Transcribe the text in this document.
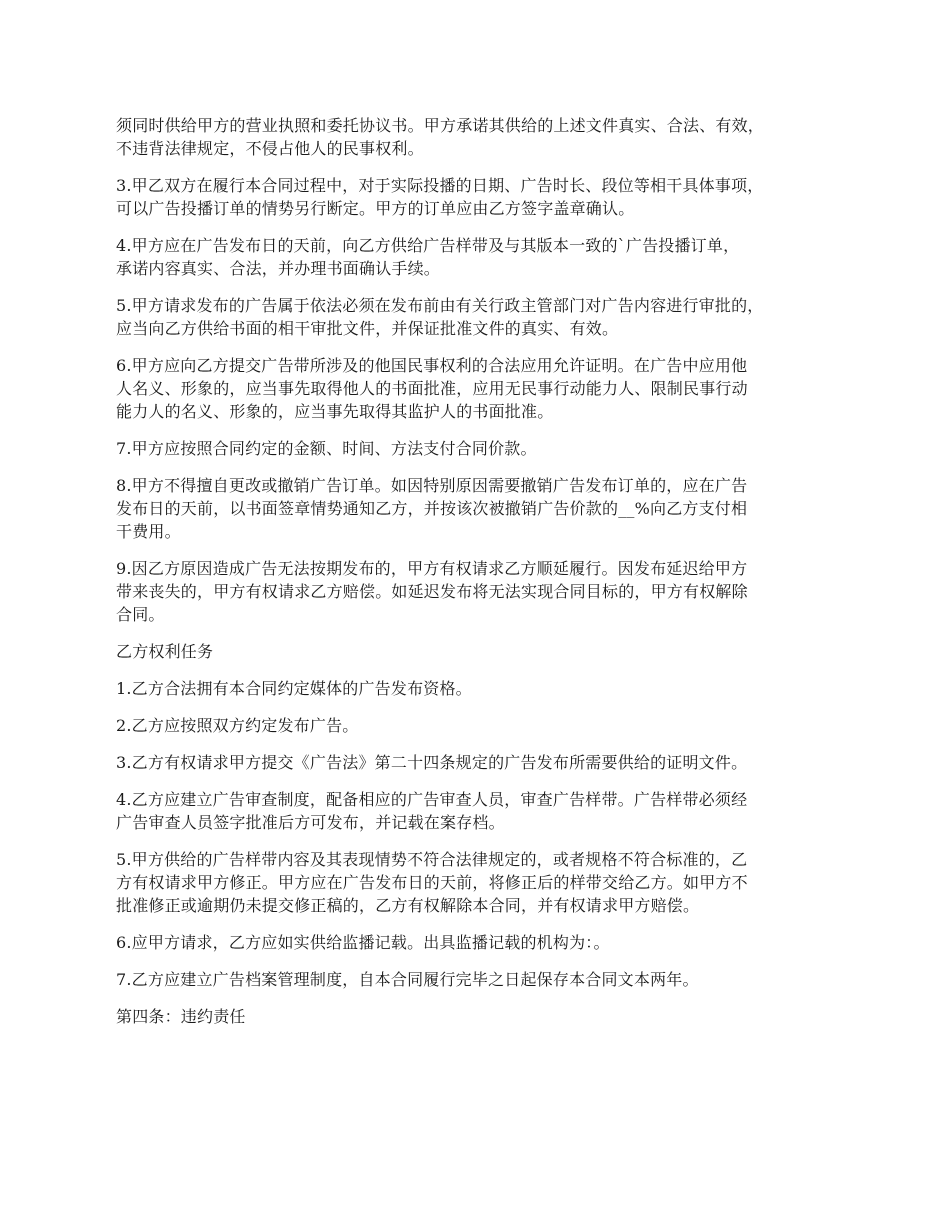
须同时供给甲方的营业执照和委托协议书。甲方承诺其供给的上述文件真实、合法、有效，
不违背法律规定，不侵占他人的民事权利。

3.甲乙双方在履行本合同过程中，对于实际投播的日期、广告时长、段位等相干具体事项，
可以广告投播订单的情势另行断定。甲方的订单应由乙方签字盖章确认。

4.甲方应在广告发布日的天前，向乙方供给广告样带及与其版本一致的`广告投播订单，
承诺内容真实、合法，并办理书面确认手续。

5.甲方请求发布的广告属于依法必须在发布前由有关行政主管部门对广告内容进行审批的，
应当向乙方供给书面的相干审批文件，并保证批准文件的真实、有效。

6.甲方应向乙方提交广告带所涉及的他国民事权利的合法应用允许证明。在广告中应用他
人名义、形象的，应当事先取得他人的书面批准，应用无民事行动能力人、限制民事行动
能力人的名义、形象的，应当事先取得其监护人的书面批准。

7.甲方应按照合同约定的金额、时间、方法支付合同价款。

8.甲方不得擅自更改或撤销广告订单。如因特别原因需要撤销广告发布订单的，应在广告
发布日的天前，以书面签章情势通知乙方，并按该次被撤销广告价款的__%向乙方支付相
干费用。

9.因乙方原因造成广告无法按期发布的，甲方有权请求乙方顺延履行。因发布延迟给甲方
带来丧失的，甲方有权请求乙方赔偿。如延迟发布将无法实现合同目标的，甲方有权解除
合同。

乙方权利任务

1.乙方合法拥有本合同约定媒体的广告发布资格。

2.乙方应按照双方约定发布广告。

3.乙方有权请求甲方提交《广告法》第二十四条规定的广告发布所需要供给的证明文件。

4.乙方应建立广告审查制度，配备相应的广告审查人员，审查广告样带。广告样带必须经
广告审查人员签字批准后方可发布，并记载在案存档。

5.甲方供给的广告样带内容及其表现情势不符合法律规定的，或者规格不符合标准的，乙
方有权请求甲方修正。甲方应在广告发布日的天前，将修正后的样带交给乙方。如甲方不
批准修正或逾期仍未提交修正稿的，乙方有权解除本合同，并有权请求甲方赔偿。

6.应甲方请求，乙方应如实供给监播记载。出具监播记载的机构为：。

7.乙方应建立广告档案管理制度，自本合同履行完毕之日起保存本合同文本两年。

第四条：违约责任
